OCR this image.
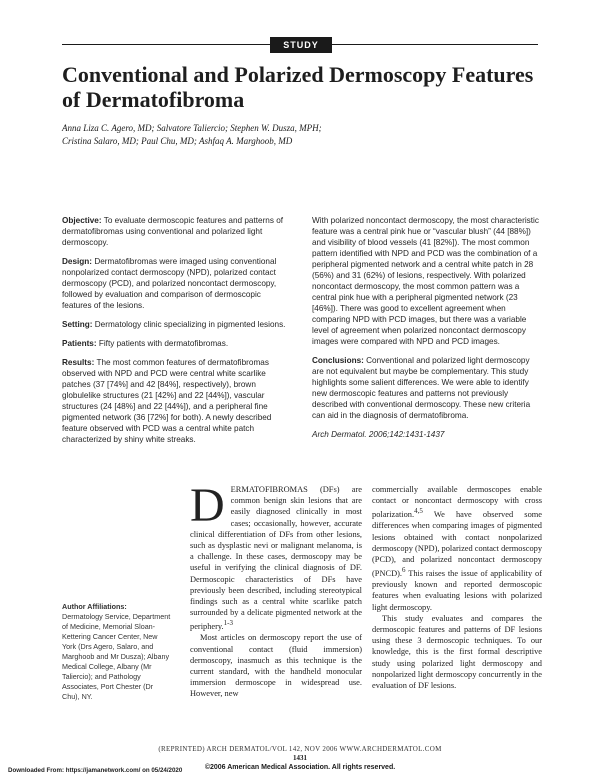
STUDY
Conventional and Polarized Dermoscopy Features of Dermatofibroma
Anna Liza C. Agero, MD; Salvatore Taliercio; Stephen W. Dusza, MPH;
Cristina Salaro, MD; Paul Chu, MD; Ashfaq A. Marghoob, MD

Objective: To evaluate dermoscopic features and patterns of dermatofibromas using conventional and polarized light dermoscopy.

Design: Dermatofibromas were imaged using conventional nonpolarized contact dermoscopy (NPD), polarized contact dermoscopy (PCD), and polarized noncontact dermoscopy, followed by evaluation and comparison of dermoscopic features of the lesions.

Setting: Dermatology clinic specializing in pigmented lesions.

Patients: Fifty patients with dermatofibromas.

Results: The most common features of dermatofibromas observed with NPD and PCD were central white scarlike patches (37 [74%] and 42 [84%], respectively), brown globulelike structures (21 [42%] and 22 [44%]), vascular structures (24 [48%] and 22 [44%]), and a peripheral fine pigmented network (36 [72%] for both). A newly described feature observed with PCD was a central white patch characterized by shiny white streaks.

With polarized noncontact dermoscopy, the most characteristic feature was a central pink hue or “vascular blush” (44 [88%]) and visibility of blood vessels (41 [82%]). The most common pattern identified with NPD and PCD was the combination of a peripheral pigmented network and a central white patch in 28 (56%) and 31 (62%) of lesions, respectively. With polarized noncontact dermoscopy, the most common pattern was a central pink hue with a peripheral pigmented network (23 [46%]). There was good to excellent agreement when comparing NPD with PCD images, but there was a variable level of agreement when polarized noncontact dermoscopy images were compared with NPD and PCD images.

Conclusions: Conventional and polarized light dermoscopy are not equivalent but maybe be complementary. This study highlights some salient differences. We were able to identify new dermoscopic features and patterns not previously described with conventional dermoscopy. These new criteria can aid in the diagnosis of dermatofibroma.

Arch Dermatol. 2006;142:1431-1437

Author Affiliations:
Dermatology Service, Department of Medicine, Memorial Sloan-Kettering Cancer Center, New York (Drs Agero, Salaro, and Marghoob and Mr Dusza); Albany Medical College, Albany (Mr Taliercio); and Pathology Associates, Port Chester (Dr Chu), NY.

DERMATOFIBROMAS (DFs) are common benign skin lesions that are easily diagnosed clinically in most cases; occasionally, however, accurate clinical differentiation of DFs from other lesions, such as dysplastic nevi or malignant melanoma, is a challenge. In these cases, dermoscopy may be useful in verifying the clinical diagnosis of DF. Dermoscopic characteristics of DFs have previously been described, including stereotypical findings such as a central white scarlike patch surrounded by a delicate pigmented network at the periphery.$^{1-3}$

Most articles on dermoscopy report the use of conventional contact (fluid immersion) dermoscopy, inasmuch as this technique is the current standard, with the handheld monocular immersion dermoscope in widespread use. However, new

commercially available dermoscopes enable contact or noncontact dermoscopy with cross polarization.$^{4,5}$ We have observed some differences when comparing images of pigmented lesions obtained with contact nonpolarized dermoscopy (NPD), polarized contact dermoscopy (PCD), and polarized noncontact dermoscopy (PNCD).$^6$ This raises the issue of applicability of previously known and reported dermoscopic features when evaluating lesions with polarized light dermoscopy.

This study evaluates and compares the dermoscopic features and patterns of DF lesions using these 3 dermoscopic techniques. To our knowledge, this is the first formal descriptive study using polarized light dermoscopy and nonpolarized light dermoscopy concurrently in the evaluation of DF lesions.

(REPRINTED) ARCH DERMATOL/VOL 142, NOV 2006 WWW.ARCHDERMATOL.COM
1431
©2006 American Medical Association. All rights reserved.
Downloaded From: https://jamanetwork.com/ on 05/24/2020
